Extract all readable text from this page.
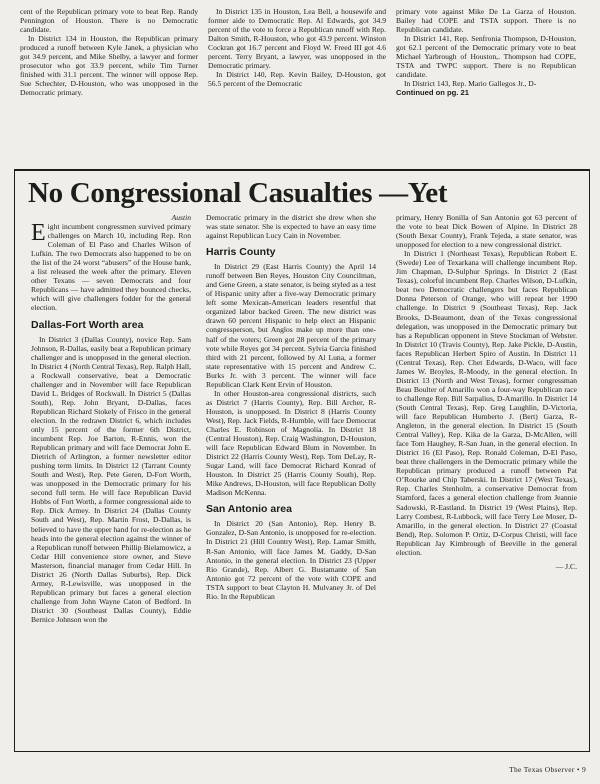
cent of the Republican primary vote to beat Rep. Randy Pennington of Houston. There is no Democratic candidate.

In District 134 in Houston, the Republican primary produced a runoff between Kyle Janek, a physician who got 34.9 percent, and Mike Shelby, a lawyer and former prosecutor who got 33.9 percent, while Tim Turner finished with 31.1 percent. The winner will oppose Rep. Sue Schechter, D-Houston, who was unopposed in the Democratic primary.

In District 135 in Houston, Lea Bell, a housewife and former aide to Democratic Rep. Al Edwards, got 34.9 percent of the vote to force a Republican runoff with Rep. Dalton Smith, R-Houston, who got 43.9 percent. Winston Cockran got 16.7 percent and Floyd W. Freed III got 4.6 percent. Terry Bryant, a lawyer, was unopposed in the Democratic primary.

In District 140, Rep. Kevin Bailey, D-Houston, got 56.5 percent of the Democratic

primary vote against Mike De La Garza of Houston. Bailey had COPE and TSTA support. There is no Republican candidate.

In District 141, Rep. Senfronia Thompson, D-Houston, got 62.1 percent of the Democratic primary vote to beat Michael Yarbrough of Houston,. Thompson had COPE, TSTA and TWPC support. There is no Republican candidate.

In District 143, Rep. Mario Gallegos Jr., D-
Continued on pg. 21

No Congressional Casualties —Yet

Austin

Eight incumbent congressmen survived primary challenges on March 10, including Rep. Ron Coleman of El Paso and Charles Wilson of Lufkin. The two Democrats also happened to be on the list of the 24 worst “abusers” of the House bank, a list released the week after the primary. Eleven other Texans — seven Democrats and four Republicans — have admitted they bounced checks, which will give challengers fodder for the general election.

Dallas-Fort Worth area

In District 3 (Dallas County), novice Rep. Sam Johnson, R-Dallas, easily beat a Republican primary challenger and is unopposed in the general election. In District 4 (North Central Texas), Rep. Ralph Hall, a Rockwall conservative, beat a Democratic challenger and in November will face Republican David L. Bridges of Rockwall. In District 5 (Dallas South), Rep. John Bryant, D-Dallas, faces Republican Richard Stokely of Frisco in the general election. In the redrawn District 6, which includes only 15 percent of the former 6th District, incumbent Rep. Joe Barton, R-Ennis, won the Republican primary and will face Democrat John E. Dietrich of Arlington, a former newsletter editor pushing term limits. In District 12 (Tarrant County South and West), Rep. Pete Geren, D-Fort Worth, was unopposed in the Democratic primary for his second full term. He will face Republican David Hobbs of Fort Worth, a former congressional aide to Rep. Dick Armey. In District 24 (Dallas County South and West), Rep. Martin Frost, D-Dallas, is believed to have the upper hand for re-election as he heads into the general election against the winner of a Republican runoff between Phillip Bielamowicz, a Cedar Hill convenience store owner, and Steve Masterson, financial manager from Cedar Hill. In District 26 (North Dallas Suburbs), Rep. Dick Armey, R-Lewisville, was unopposed in the Republican primary but faces a general election challenge from John Wayne Caton of Bedford. In District 30 (Southeast Dallas County), Eddie Bernice Johnson won the

Democratic primary in the district she drew when she was state senator. She is expected to have an easy time against Republican Lucy Cain in November.

Harris County

In District 29 (East Harris County) the April 14 runoff between Ben Reyes, Houston City Councilman, and Gene Green, a state senator, is being styled as a test of Hispanic unity after a five-way Democratic primary left some Mexican-American leaders resentful that organized labor backed Green. The new district was drawn 60 percent Hispanic to help elect an Hispanic congressperson, but Anglos make up more than one-half of the voters; Green got 28 percent of the primary vote while Reyes got 34 percent. Sylvia Garcia finished third with 21 percent, followed by Al Luna, a former state representative with 15 percent and Andrew C. Burks Jr. with 3 percent. The winner will face Republican Clark Kent Ervin of Houston.

In other Houston-area congressional districts, such as District 7 (Harris County), Rep. Bill Archer, R-Houston, is unopposed. In District 8 (Harris County West), Rep. Jack Fields, R-Humble, will face Democrat Charles E. Robinson of Magnolia. In District 18 (Central Houston), Rep. Craig Washington, D-Houston, will face Republican Edward Blum in November. In District 22 (Harris County West), Rep. Tom DeLay, R-Sugar Land, will face Democrat Richard Konrad of Houston. In District 25 (Harris County South), Rep. Mike Andrews, D-Houston, will face Republican Dolly Madison McKenna.

San Antonio area

In District 20 (San Antonio), Rep. Henry B. Gonzalez, D-San Antonio, is unopposed for re-election. In District 21 (Hill Country West), Rep. Lamar Smith, R-San Antonio, will face James M. Gaddy, D-San Antonio, in the general election. In District 23 (Upper Rio Grande), Rep. Albert G. Bustamante of San Antonio got 72 percent of the vote with COPE and TSTA support to beat Clayton H. Mulvaney Jr. of Del Rio. In the Republican

primary, Henry Bonilla of San Antonio got 63 percent of the vote to beat Dick Bowen of Alpine. In District 28 (South Bexar County), Frank Tejeda, a state senator, was unopposed for election to a new congressional district.

In District 1 (Northeast Texas), Republican Robert E. (Swede) Lee of Texarkana will challenge incumbent Rep. Jim Chapman, D-Sulphur Springs. In District 2 (East Texas), colorful incumbent Rep. Charles Wilson, D-Lufkin, beat two Democratic challengers but faces Republican Donna Peterson of Orange, who will repeat her 1990 challenge. In District 9 (Southeast Texas), Rep. Jack Brooks, D-Beaumont, dean of the Texas congressional delegation, was unopposed in the Democratic primary but has a Republican opponent in Steve Stockman of Webster. In District 10 (Travis County), Rep. Jake Pickle, D-Austin, faces Republican Herbert Spiro of Austin. In District 11 (Central Texas), Rep. Chet Edwards, D-Waco, will face James W. Broyles, R-Moody, in the general election. In District 13 (North and West Texas), former congressman Beau Boulter of Amarillo won a four-way Republican race to challenge Rep. Bill Sarpalius, D-Amarillo. In District 14 (South Central Texas), Rep. Greg Laughlin, D-Victoria, will face Republican Humberto J. (Bert) Garza, R-Angleton, in the general election. In District 15 (South Central Valley), Rep. Kika de la Garza, D-McAllen, will face Tom Haughey, R-San Juan, in the general election. In District 16 (El Paso), Rep. Ronald Coleman, D-El Paso, beat three challengers in the Democratic primary while the Republican primary produced a runoff between Pat O’Rourke and Chip Taberski. In District 17 (West Texas), Rep. Charles Stenholm, a conservative Democrat from Stamford, faces a general election challenge from Jeannie Sadowski, R-Eastland. In District 19 (West Plains), Rep. Larry Combest, R-Lubbock, will face Terry Lee Moser, D-Amarillo, in the general election. In District 27 (Coastal Bend), Rep. Solomon P. Ortiz, D-Corpus Christi, will face Republican Jay Kimbrough of Beeville in the general election.

— J.C.

The Texas Observer • 9
